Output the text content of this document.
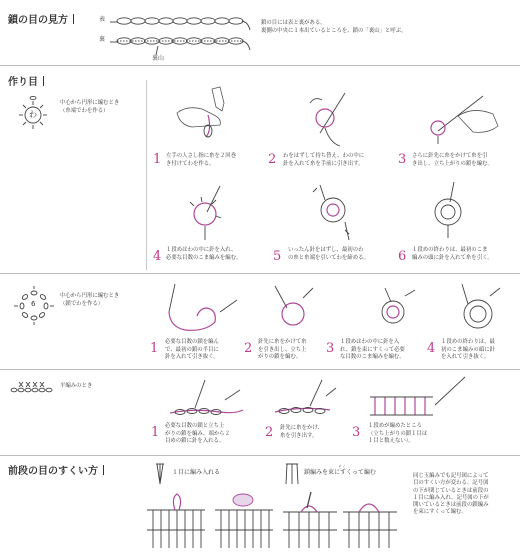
鎖の目の見方	表
裏
裏山
鎖の目には表と裏がある。
裏側の中央に１本出ているところを、鎖の「裏山」と呼ぶ。
作り目
わ
中心から円形に編むとき
（糸端でわを作る）
1 左手の人さし指に糸を２回巻
き付けてわを作る。	2 わをはずして持ち替え、わの中に
針を入れて糸を手前に引き出す。	3 さらに針先に糸をかけて糸を引
き出し、立ち上がりの鎖を編む。
4 １段めはわの中に針を入れ、
必要な目数のこま編みを編む。 5 いったん針をはずし、最初のわ
の糸と糸端を引いてわを締める。 6 １段めの終わりは、最初のこま
編みの頭に針を入れて糸を引く。
6
中心から円形に編むとき
（鎖でわを作る）
1 必要な目数の鎖を編ん
で、最初の鎖の半目に
針を入れて引き抜く。
2 針先に糸をかけて糸
を引き出し、立ち上
がりの鎖を編む。
3 １段めはわの中に針を入
れ、鎖を束にすくって必要
な目数のこま編みを編む。
4 １段めの終わりは、最
初のこま編みの頭に針
を入れて引き抜く。
平編みのとき
1 必要な目数の鎖と立ち上
がりの鎖を編み、端から２
目めの鎖に針を入れる。
2 針先に糸をかけ、
糸を引き出す。	3 １段めが編めたところ
（立ち上がりの鎖１目は
１目と数えない）。
前段の目のすくい方	１目に編み入れる
そく
鎖編みを束にすくって編む	同じ玉編みでも記号図によって
目のすくい方が変わる。記号図
の下が閉じているときは前段の
１目に編み入れ、記号図の下が
開いているときは前段の鎖編み
を束にすくって編む。
